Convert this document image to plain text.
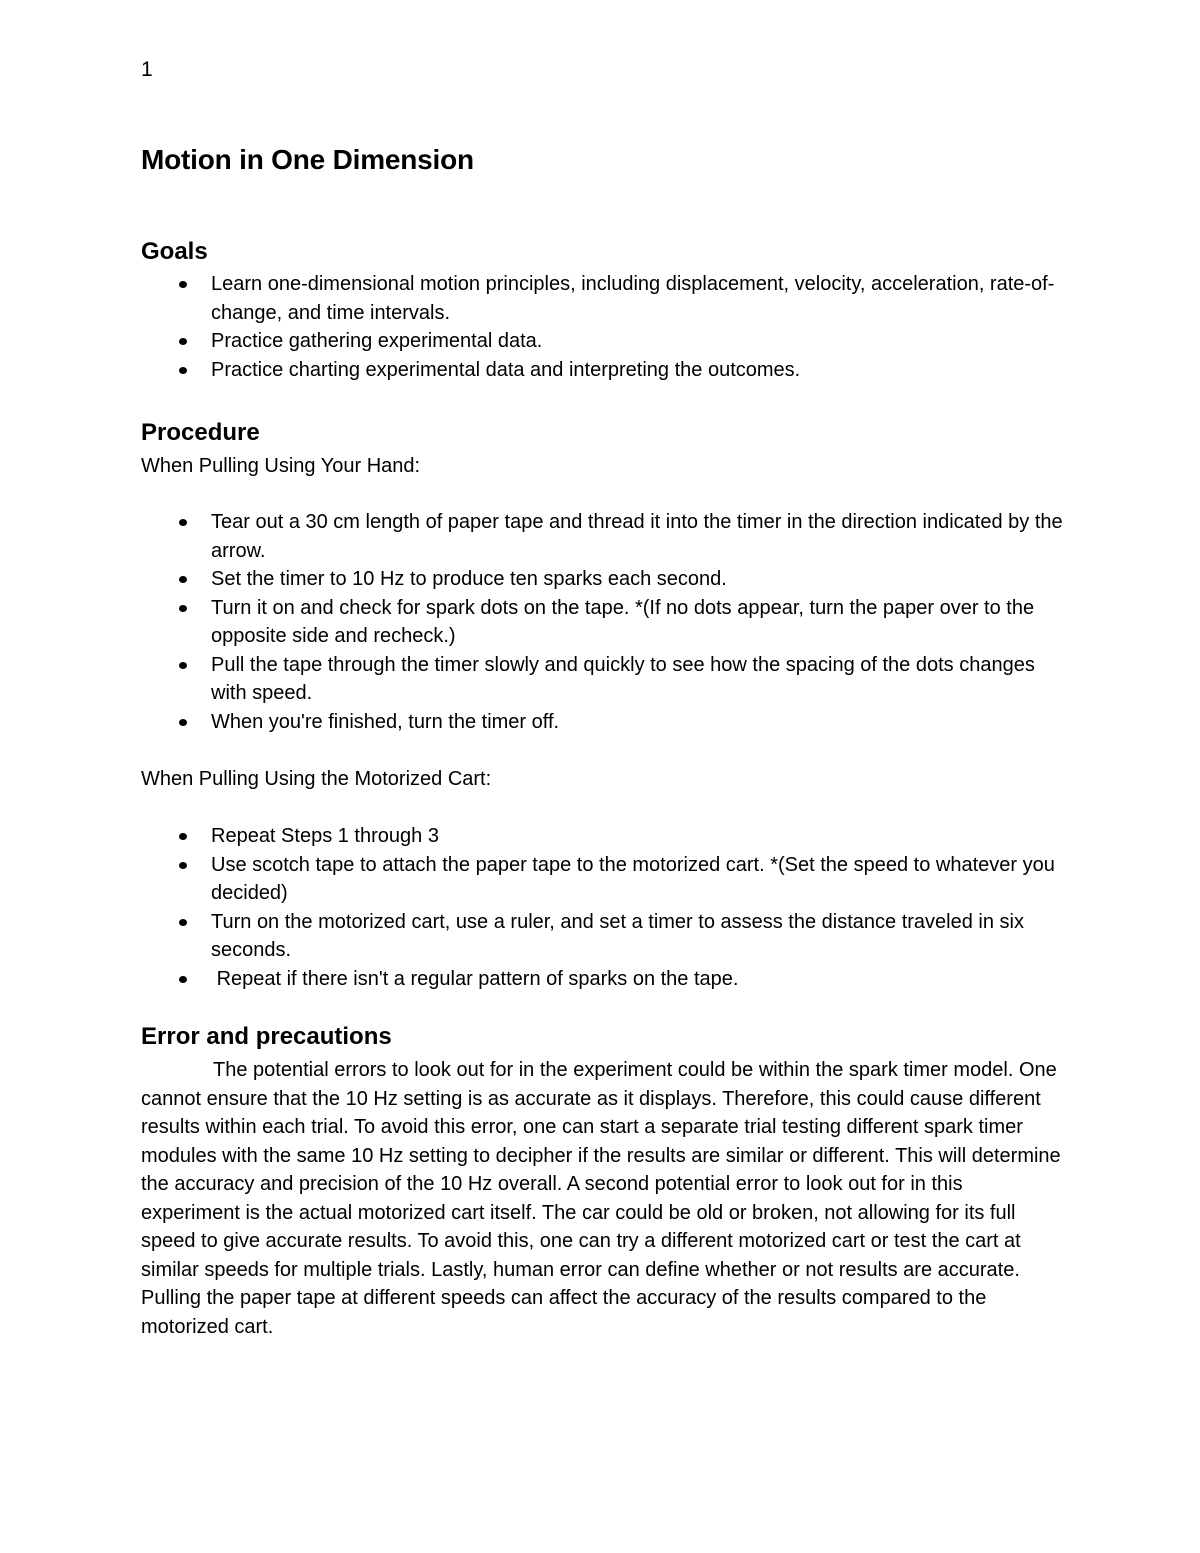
1
Motion in One Dimension
Goals
Learn one-dimensional motion principles, including displacement, velocity, acceleration, rate-of-change, and time intervals.
Practice gathering experimental data.
Practice charting experimental data and interpreting the outcomes.
Procedure

When Pulling Using Your Hand:

Tear out a 30 cm length of paper tape and thread it into the timer in the direction indicated by the arrow.
Set the timer to 10 Hz to produce ten sparks each second.
Turn it on and check for spark dots on the tape. *(If no dots appear, turn the paper over to the opposite side and recheck.)
Pull the tape through the timer slowly and quickly to see how the spacing of the dots changes with speed.
When you're finished, turn the timer off.

When Pulling Using the Motorized Cart:

Repeat Steps 1 through 3
Use scotch tape to attach the paper tape to the motorized cart. *(Set the speed to whatever you decided)
Turn on the motorized cart, use a ruler, and set a timer to assess the distance traveled in six seconds.
Repeat if there isn't a regular pattern of sparks on the tape.
Error and precautions

The potential errors to look out for in the experiment could be within the spark timer model. One cannot ensure that the 10 Hz setting is as accurate as it displays. Therefore, this could cause different results within each trial. To avoid this error, one can start a separate trial testing different spark timer modules with the same 10 Hz setting to decipher if the results are similar or different. This will determine the accuracy and precision of the 10 Hz overall. A second potential error to look out for in this experiment is the actual motorized cart itself. The car could be old or broken, not allowing for its full speed to give accurate results. To avoid this, one can try a different motorized cart or test the cart at similar speeds for multiple trials. Lastly, human error can define whether or not results are accurate. Pulling the paper tape at different speeds can affect the accuracy of the results compared to the motorized cart.
